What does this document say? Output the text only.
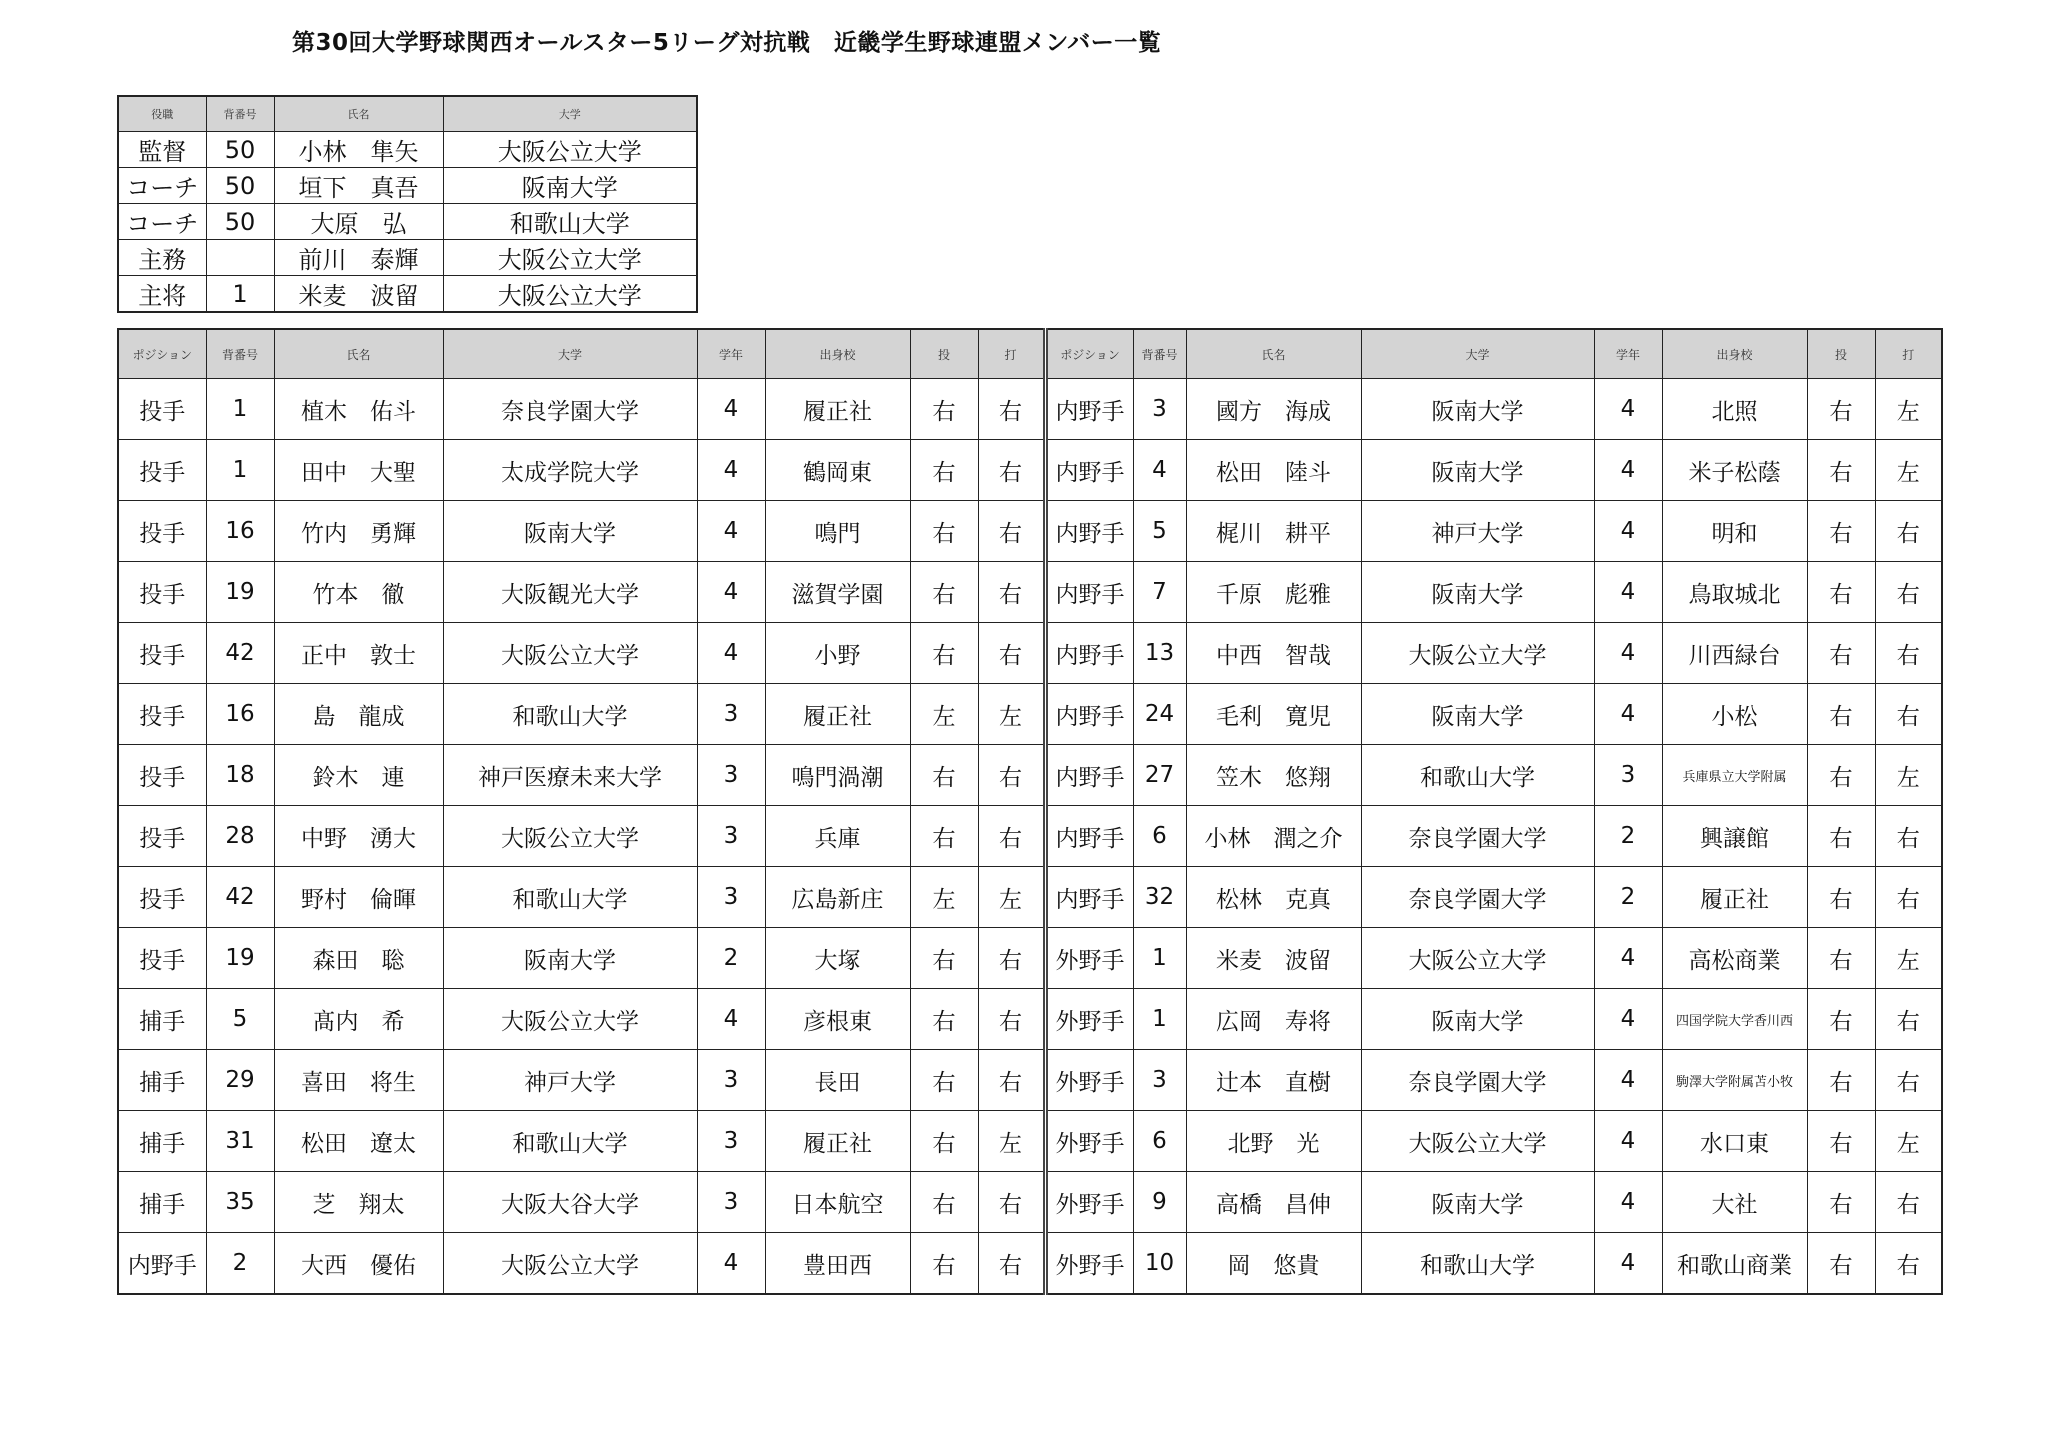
第30回大学野球関西オールスター5リーグ対抗戦　近畿学生野球連盟メンバー一覧
役職	背番号	氏名	大学
監督	50	小林　隼矢	大阪公立大学
コーチ	50	垣下　真吾	阪南大学
コーチ	50	大原　弘	和歌山大学
主務		前川　泰輝	大阪公立大学
主将	1	米麦　波留	大阪公立大学
ポジション	背番号	氏名	大学	学年	出身校	投	打	ポジション	背番号	氏名	大学	学年	出身校	投	打
投手	1	植木　佑斗	奈良学園大学	4	履正社	右	右	内野手	3	國方　海成	阪南大学	4	北照	右	左
投手	1	田中　大聖	太成学院大学	4	鶴岡東	右	右	内野手	4	松田　陸斗	阪南大学	4	米子松蔭	右	左
投手	16	竹内　勇輝	阪南大学	4	鳴門	右	右	内野手	5	梶川　耕平	神戸大学	4	明和	右	右
投手	19	竹本　徹	大阪観光大学	4	滋賀学園	右	右	内野手	7	千原　彪雅	阪南大学	4	鳥取城北	右	右
投手	42	正中　敦士	大阪公立大学	4	小野	右	右	内野手	13	中西　智哉	大阪公立大学	4	川西緑台	右	右
投手	16	島　龍成	和歌山大学	3	履正社	左	左	内野手	24	毛利　寛児	阪南大学	4	小松	右	右
投手	18	鈴木　連	神戸医療未来大学	3	鳴門渦潮	右	右	内野手	27	笠木　悠翔	和歌山大学	3	兵庫県立大学附属	右	左
投手	28	中野　湧大	大阪公立大学	3	兵庫	右	右	内野手	6	小林　潤之介	奈良学園大学	2	興譲館	右	右
投手	42	野村　倫暉	和歌山大学	3	広島新庄	左	左	内野手	32	松林　克真	奈良学園大学	2	履正社	右	右
投手	19	森田　聡	阪南大学	2	大塚	右	右	外野手	1	米麦　波留	大阪公立大学	4	高松商業	右	左
捕手	5	髙内　希	大阪公立大学	4	彦根東	右	右	外野手	1	広岡　寿将	阪南大学	4	四国学院大学香川西	右	右
捕手	29	喜田　将生	神戸大学	3	長田	右	右	外野手	3	辻本　直樹	奈良学園大学	4	駒澤大学附属苫小牧	右	右
捕手	31	松田　遼太	和歌山大学	3	履正社	右	左	外野手	6	北野　光	大阪公立大学	4	水口東	右	左
捕手	35	芝　翔太	大阪大谷大学	3	日本航空	右	右	外野手	9	高橋　昌伸	阪南大学	4	大社	右	右
内野手	2	大西　優佑	大阪公立大学	4	豊田西	右	右	外野手	10	岡　悠貴	和歌山大学	4	和歌山商業	右	右
